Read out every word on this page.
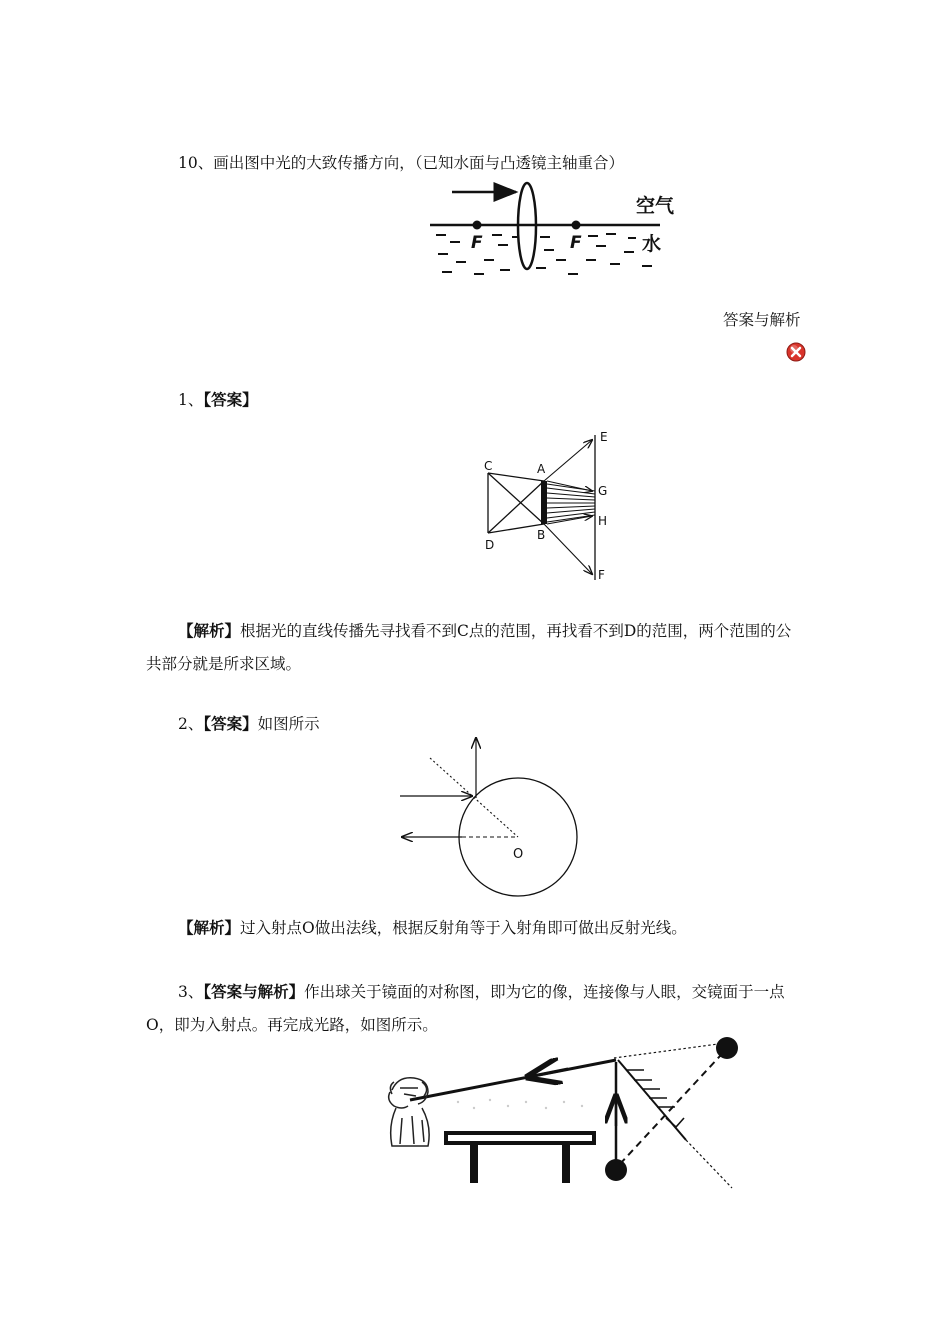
10、画出图中光的大致传播方向，（已知水面与凸透镜主轴重合）
F	F
空气
水
答案与解析
1、【答案】
C
D
A
B
E
G
H
F
【解析】根据光的直线传播先寻找看不到C点的范围，再找看不到D的范围，两个范围的公共部分就是所求区域。
2、【答案】如图所示
O
【解析】过入射点O做出法线，根据反射角等于入射角即可做出反射光线。
3、【答案与解析】作出球关于镜面的对称图，即为它的像，连接像与人眼，交镜面于一点O，即为入射点。再完成光路，如图所示。
